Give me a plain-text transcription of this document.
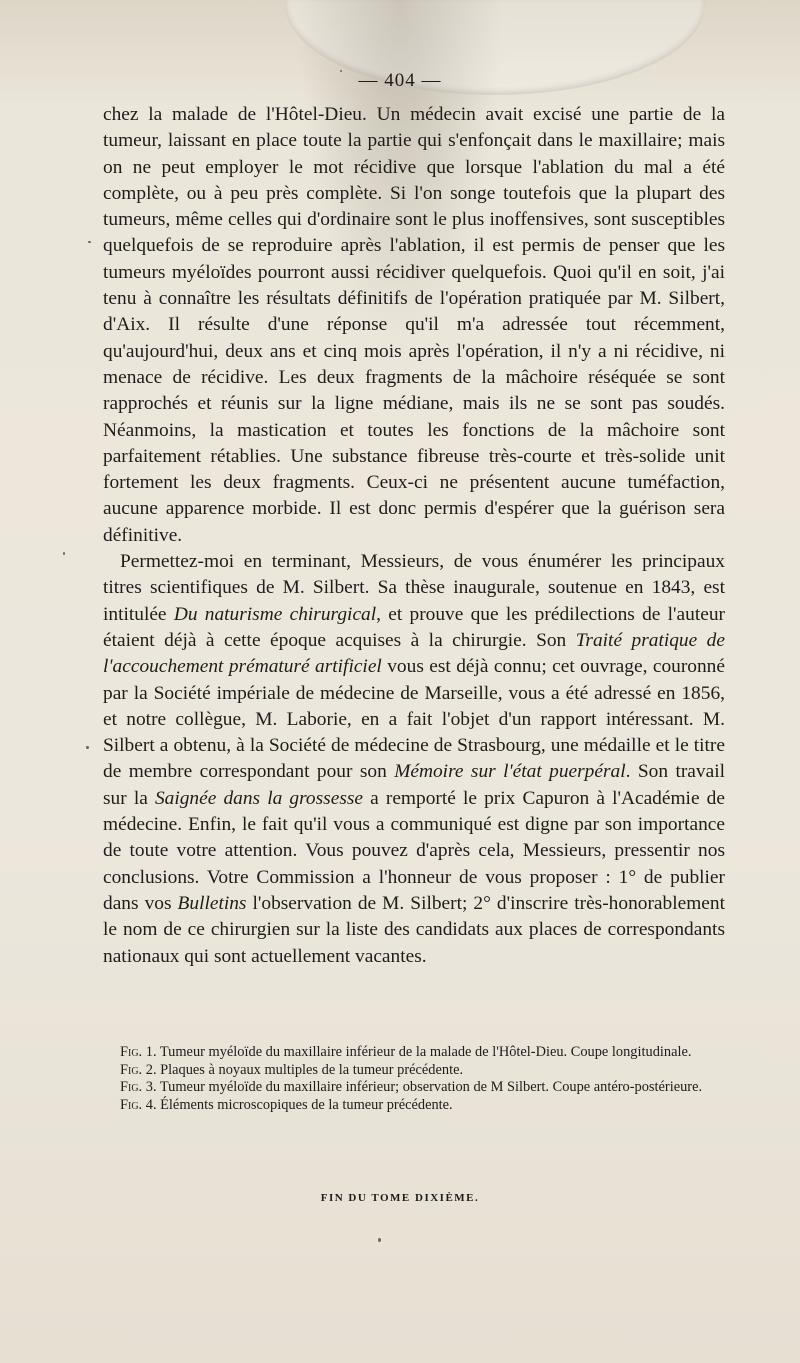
— 404 —

chez la malade de l'Hôtel-Dieu. Un médecin avait excisé une partie de la tumeur, laissant en place toute la partie qui s'enfonçait dans le maxillaire; mais on ne peut employer le mot récidive que lorsque l'ablation du mal a été complète, ou à peu près complète. Si l'on songe toutefois que la plupart des tumeurs, même celles qui d'ordinaire sont le plus inoffensives, sont susceptibles quelquefois de se reproduire après l'ablation, il est permis de penser que les tumeurs myéloïdes pourront aussi récidiver quelquefois. Quoi qu'il en soit, j'ai tenu à connaître les résultats définitifs de l'opération pratiquée par M. Silbert, d'Aix. Il résulte d'une réponse qu'il m'a adressée tout récemment, qu'aujourd'hui, deux ans et cinq mois après l'opération, il n'y a ni récidive, ni menace de récidive. Les deux fragments de la mâchoire réséquée se sont rapprochés et réunis sur la ligne médiane, mais ils ne se sont pas soudés. Néanmoins, la mastication et toutes les fonctions de la mâchoire sont parfaitement rétablies. Une substance fibreuse très-courte et très-solide unit fortement les deux fragments. Ceux-ci ne présentent aucune tuméfaction, aucune apparence morbide. Il est donc permis d'espérer que la guérison sera définitive.

Permettez-moi en terminant, Messieurs, de vous énumérer les principaux titres scientifiques de M. Silbert. Sa thèse inaugurale, soutenue en 1843, est intitulée Du naturisme chirurgical, et prouve que les prédilections de l'auteur étaient déjà à cette époque acquises à la chirurgie. Son Traité pratique de l'accouchement prématuré artificiel vous est déjà connu; cet ouvrage, couronné par la Société impériale de médecine de Marseille, vous a été adressé en 1856, et notre collègue, M. Laborie, en a fait l'objet d'un rapport intéressant. M. Silbert a obtenu, à la Société de médecine de Strasbourg, une médaille et le titre de membre correspondant pour son Mémoire sur l'état puerpéral. Son travail sur la Saignée dans la grossesse a remporté le prix Capuron à l'Académie de médecine. Enfin, le fait qu'il vous a communiqué est digne par son importance de toute votre attention. Vous pouvez d'après cela, Messieurs, pressentir nos conclusions. Votre Commission a l'honneur de vous proposer : 1° de publier dans vos Bulletins l'observation de M. Silbert; 2° d'inscrire très-honorablement le nom de ce chirurgien sur la liste des candidats aux places de correspondants nationaux qui sont actuellement vacantes.

Fig. 1. Tumeur myéloïde du maxillaire inférieur de la malade de l'Hôtel-Dieu. Coupe longitudinale.

Fig. 2. Plaques à noyaux multiples de la tumeur précédente.

Fig. 3. Tumeur myéloïde du maxillaire inférieur; observation de M Silbert. Coupe antéro-postérieure.

Fig. 4. Éléments microscopiques de la tumeur précédente.

FIN DU TOME DIXIÈME.
